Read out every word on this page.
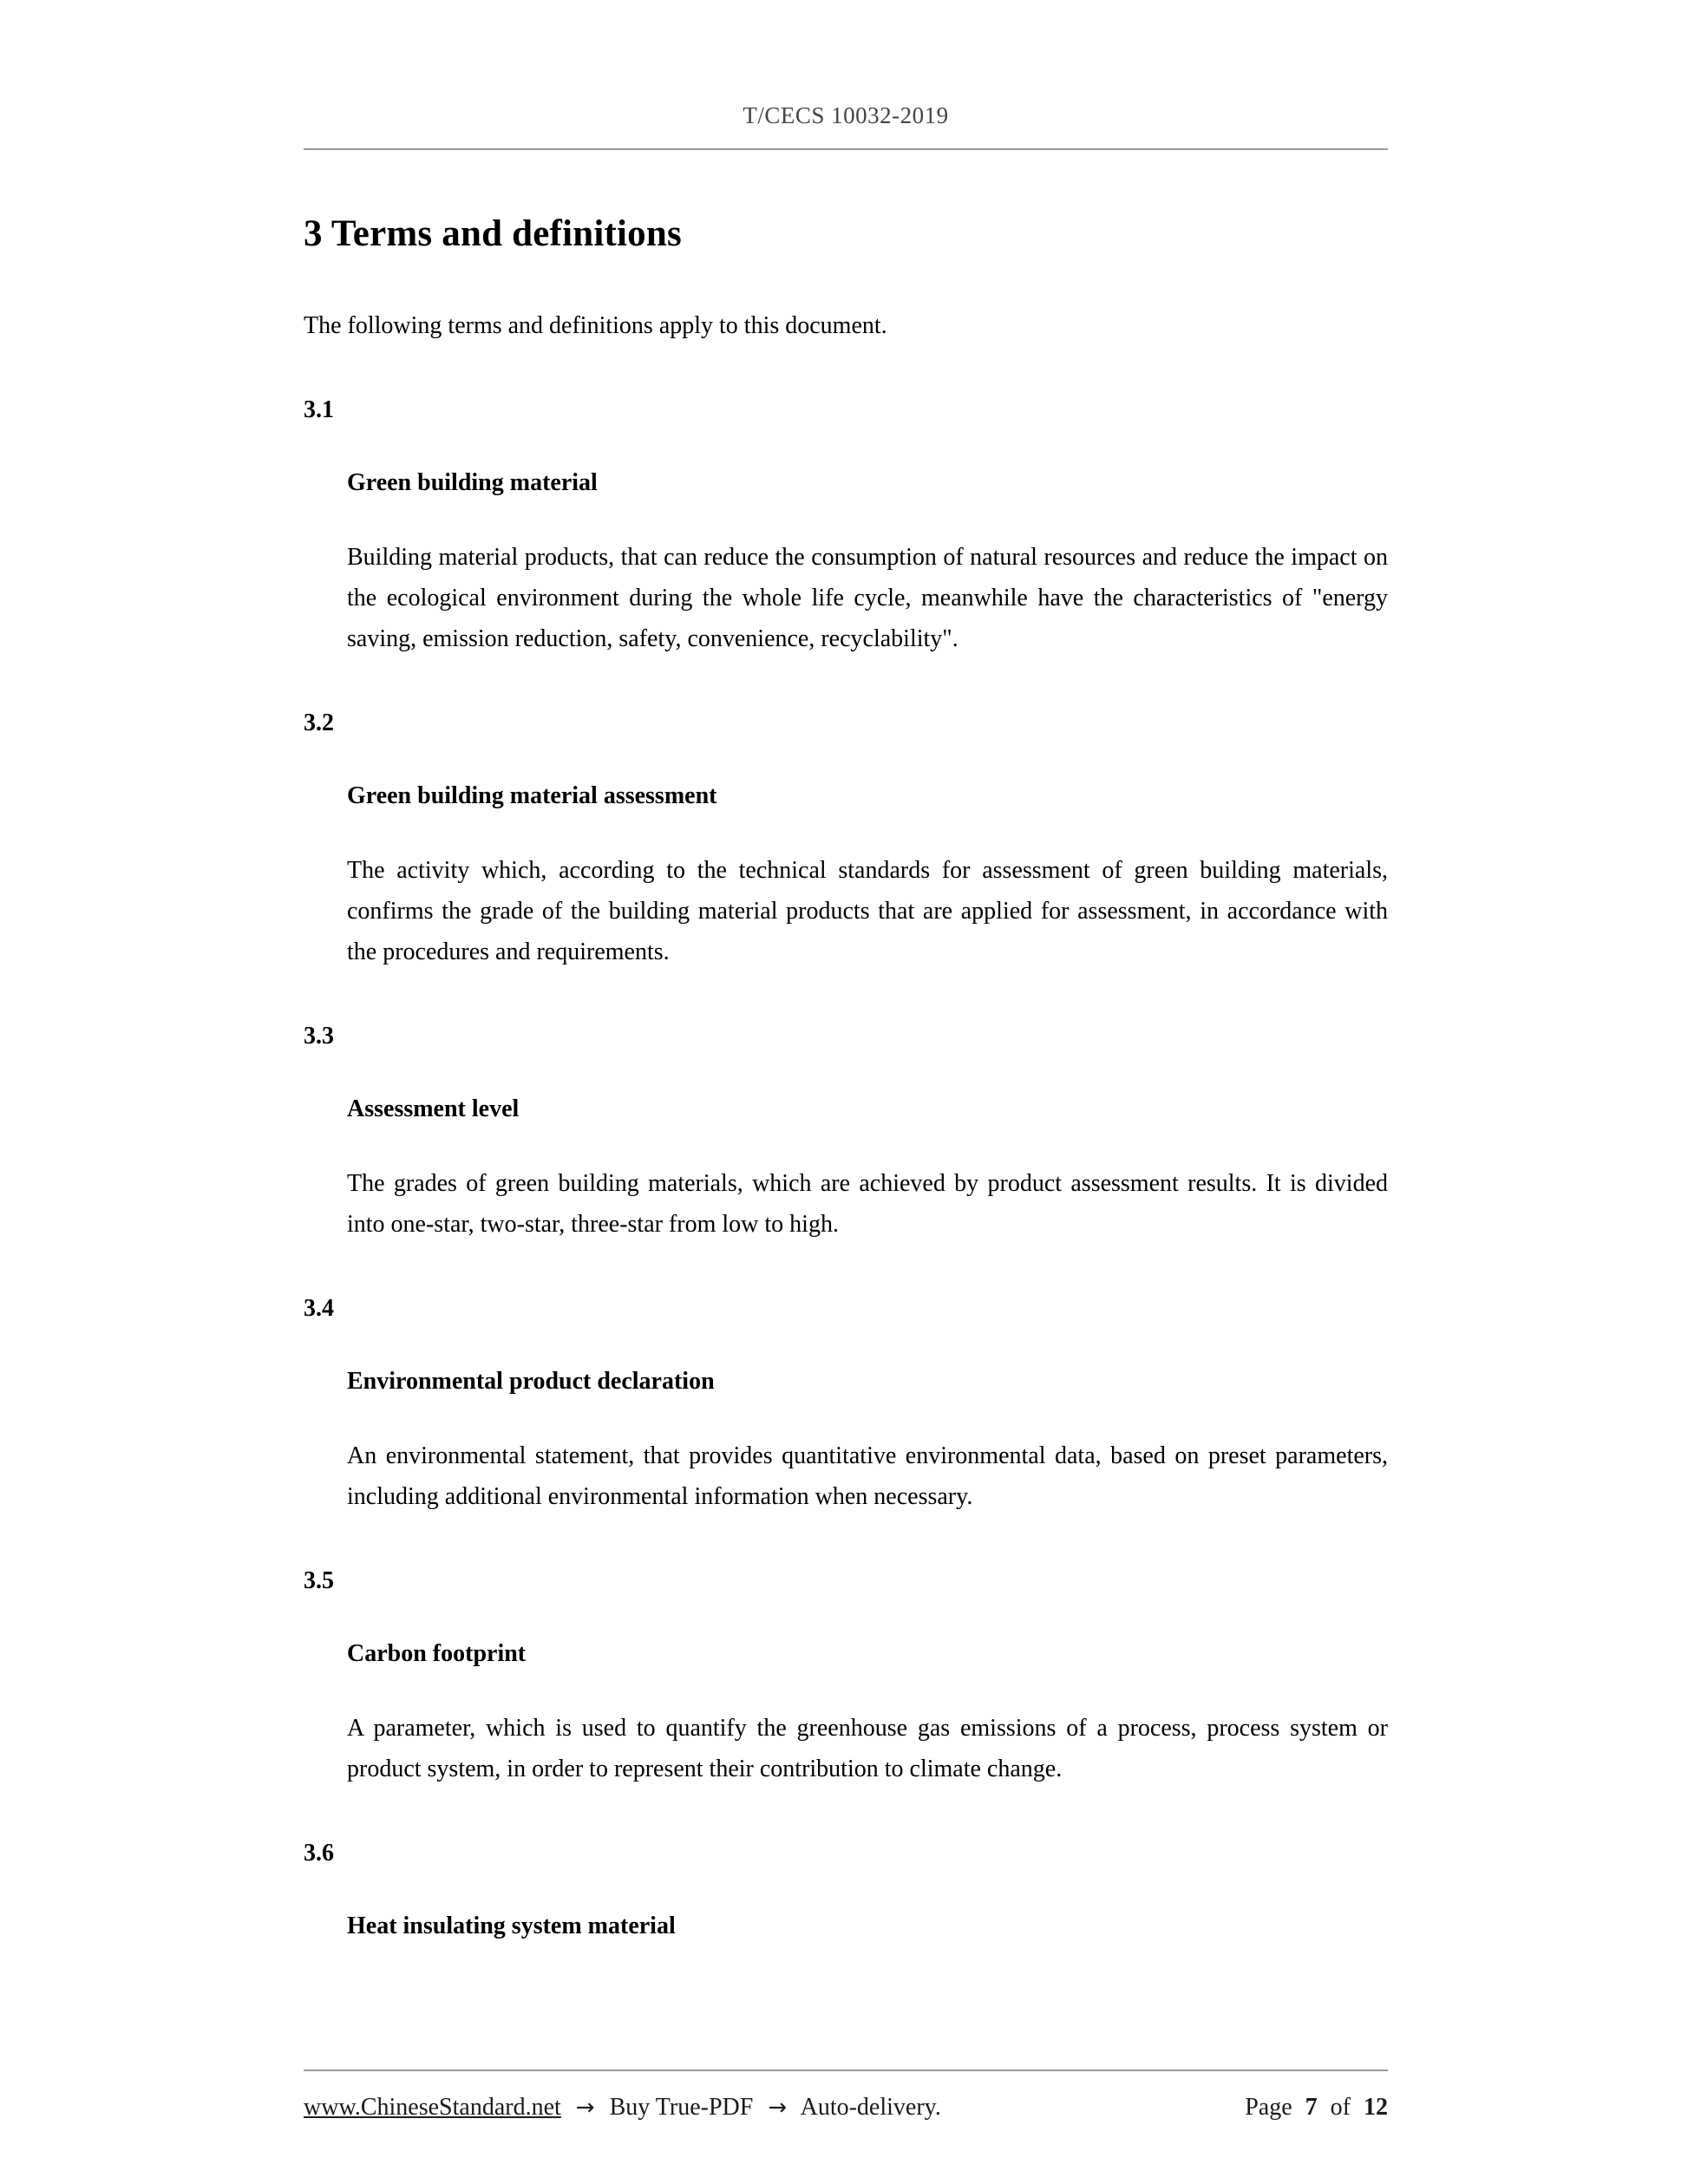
T/CECS 10032-2019
3 Terms and definitions

The following terms and definitions apply to this document.

3.1
Green building material

Building material products, that can reduce the consumption of natural resources and reduce the impact on the ecological environment during the whole life cycle, meanwhile have the characteristics of "energy saving, emission reduction, safety, convenience, recyclability".

3.2
Green building material assessment

The activity which, according to the technical standards for assessment of green building materials, confirms the grade of the building material products that are applied for assessment, in accordance with the procedures and requirements.

3.3
Assessment level

The grades of green building materials, which are achieved by product assessment results. It is divided into one-star, two-star, three-star from low to high.

3.4
Environmental product declaration

An environmental statement, that provides quantitative environmental data, based on preset parameters, including additional environmental information when necessary.

3.5
Carbon footprint

A parameter, which is used to quantify the greenhouse gas emissions of a process, process system or product system, in order to represent their contribution to climate change.

3.6
Heat insulating system material
www.ChineseStandard.net → Buy True-PDF → Auto-delivery.	Page 7 of 12
